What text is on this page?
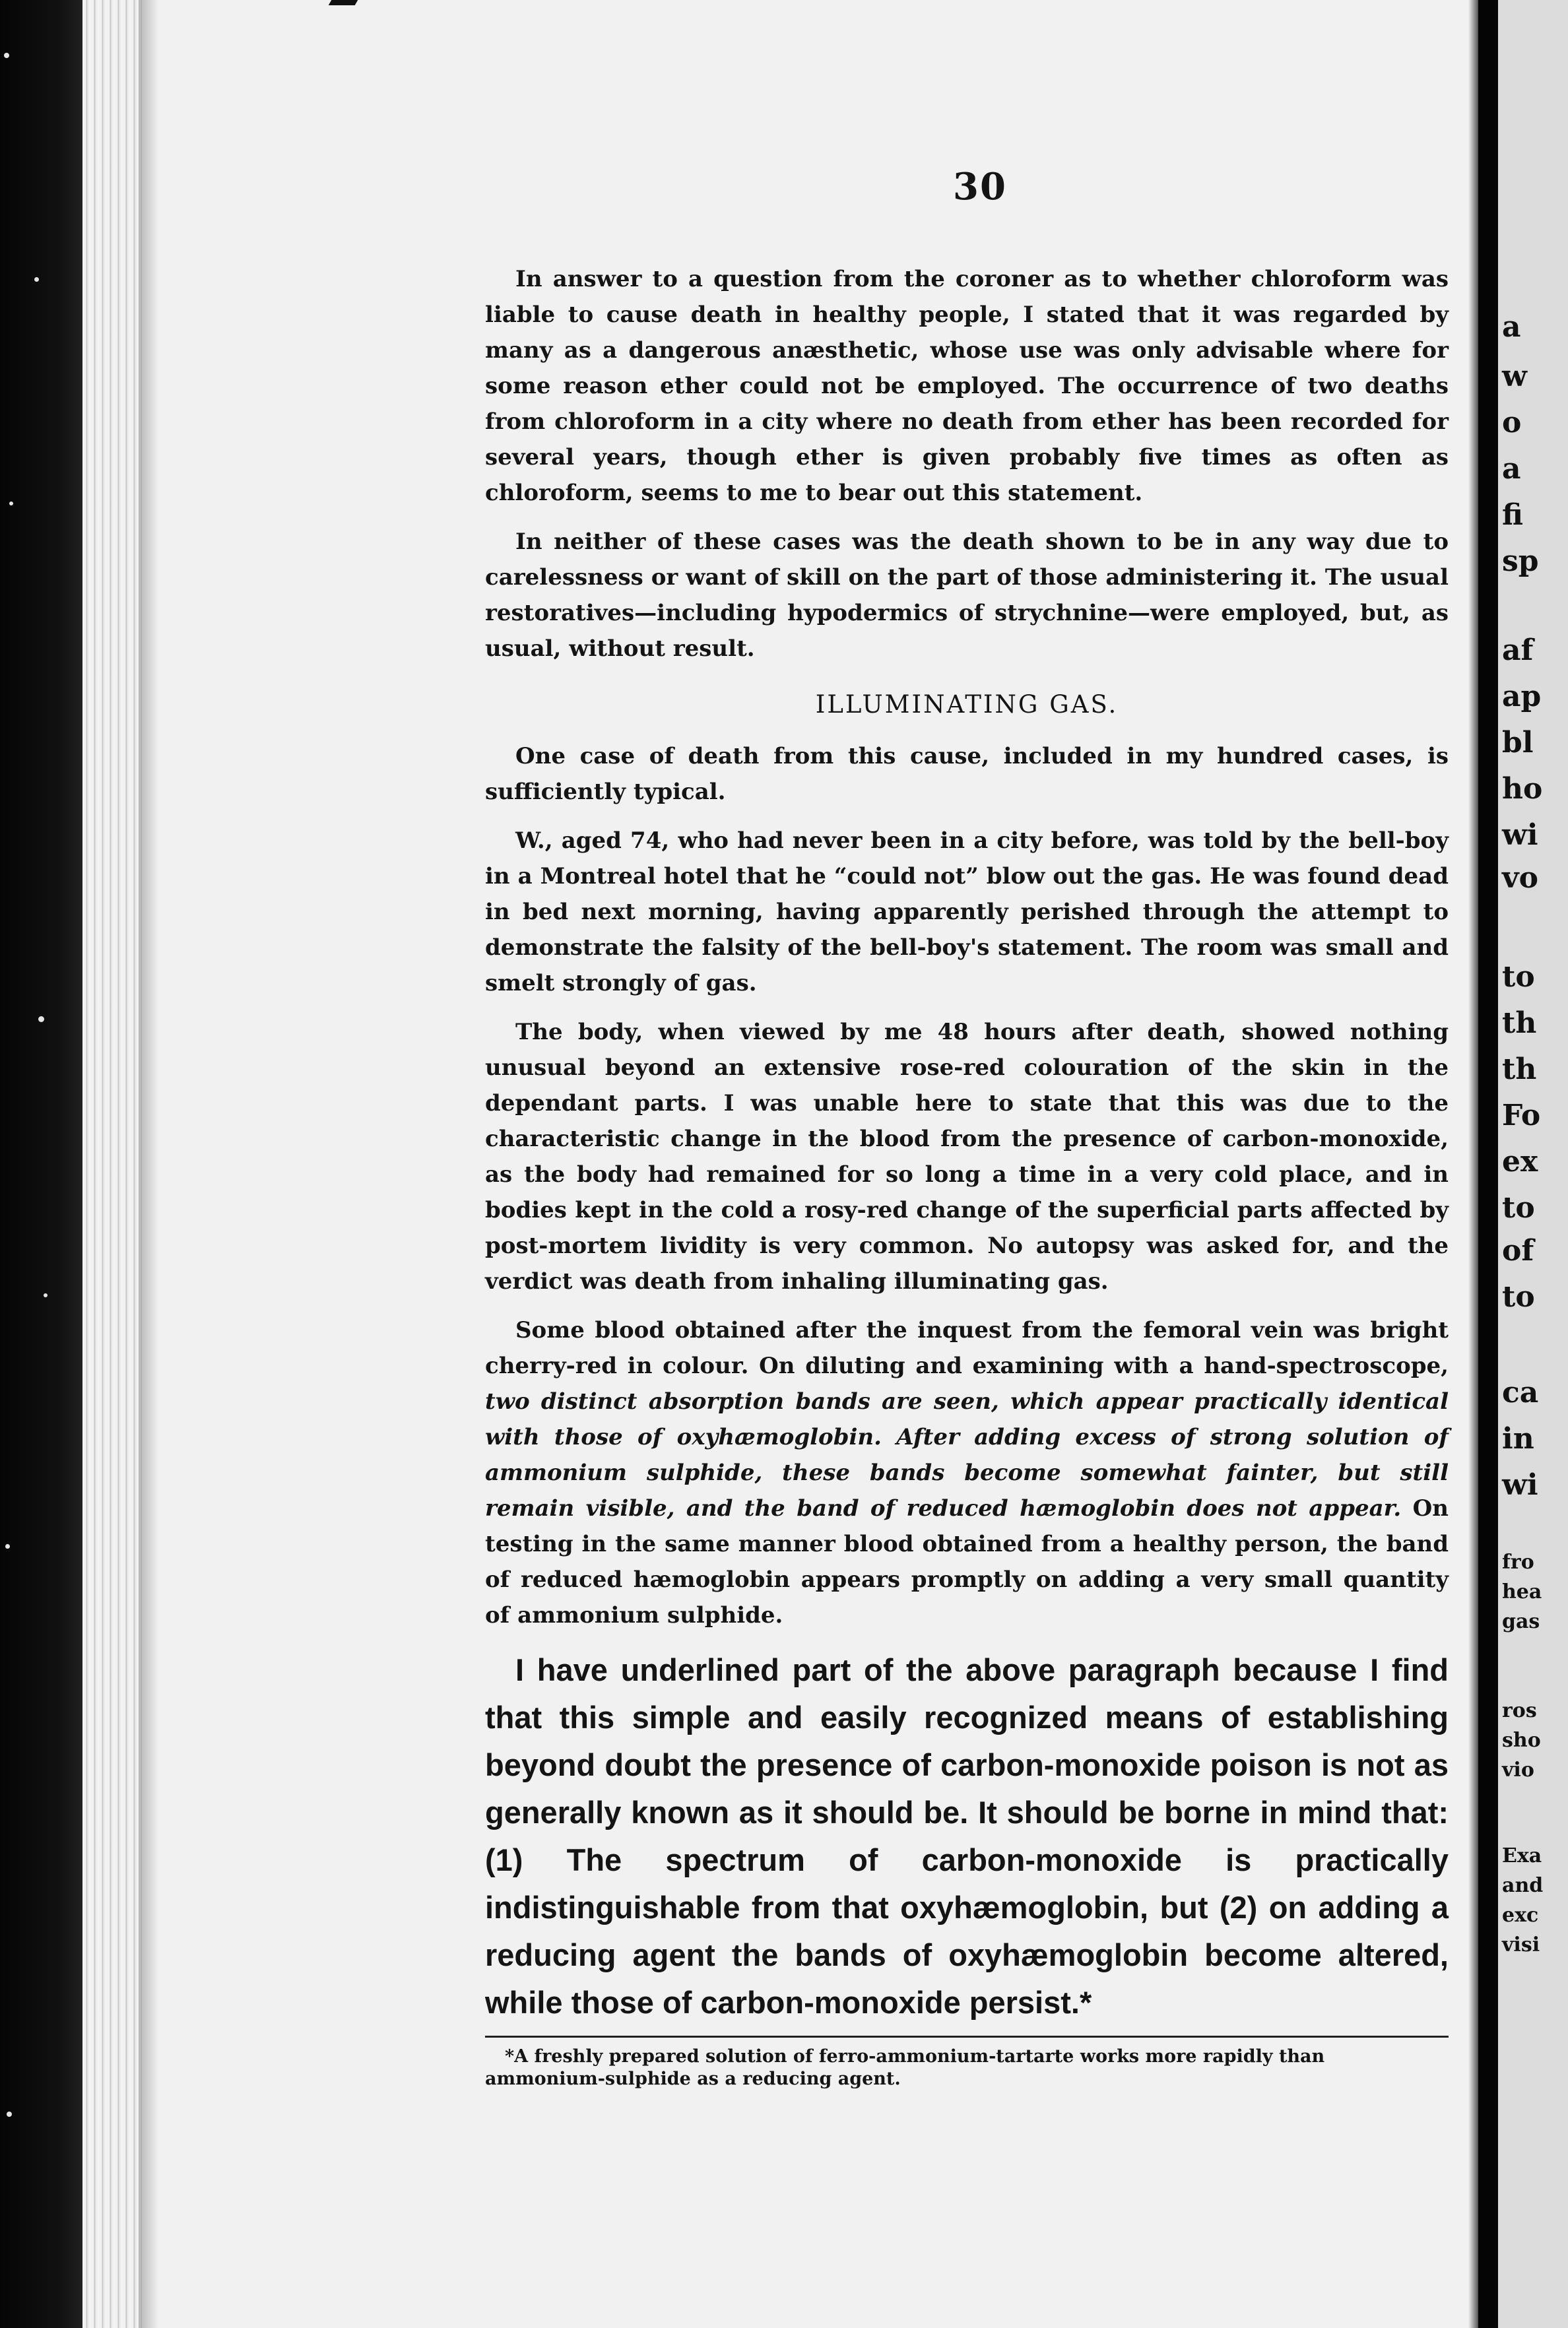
a
w
o
a
fi
sp
af
ap
bl
ho
wi
vo
to
th
th
Fo
ex
to
of
to
ca
in
wi
fro
hea
gas
ros
sho
vio
Exa
and
exc
visi
30

In answer to a question from the coroner as to whether chloroform was liable to cause death in healthy people, I stated that it was regarded by many as a dangerous anæsthetic, whose use was only advisable where for some reason ether could not be employed. The occurrence of two deaths from chloroform in a city where no death from ether has been recorded for several years, though ether is given probably five times as often as chloroform, seems to me to bear out this statement.

In neither of these cases was the death shown to be in any way due to carelessness or want of skill on the part of those administering it. The usual restoratives—including hypodermics of strychnine—were employed, but, as usual, without result.

ILLUMINATING GAS.

One case of death from this cause, included in my hundred cases, is sufficiently typical.

W., aged 74, who had never been in a city before, was told by the bell-boy in a Montreal hotel that he “could not” blow out the gas. He was found dead in bed next morning, having apparently perished through the attempt to demonstrate the falsity of the bell-boy's statement. The room was small and smelt strongly of gas.

The body, when viewed by me 48 hours after death, showed nothing unusual beyond an extensive rose-red colouration of the skin in the dependant parts. I was unable here to state that this was due to the characteristic change in the blood from the presence of carbon-monoxide, as the body had remained for so long a time in a very cold place, and in bodies kept in the cold a rosy-red change of the superficial parts affected by post-mortem lividity is very common. No autopsy was asked for, and the verdict was death from inhaling illuminating gas.

Some blood obtained after the inquest from the femoral vein was bright cherry-red in colour. On diluting and examining with a hand-spectroscope, two distinct absorption bands are seen, which appear practically identical with those of oxyhæmoglobin. After adding excess of strong solution of ammonium sulphide, these bands become somewhat fainter, but still remain visible, and the band of reduced hæmoglobin does not appear. On testing in the same manner blood obtained from a healthy person, the band of reduced hæmoglobin appears promptly on adding a very small quantity of ammonium sulphide.

I have underlined part of the above paragraph because I find that this simple and easily recognized means of establishing beyond doubt the presence of carbon-monoxide poison is not as generally known as it should be. It should be borne in mind that: (1) The spectrum of carbon-monoxide is practically indistinguishable from that oxyhæmoglobin, but (2) on adding a reducing agent the bands of oxyhæmoglobin become altered, while those of carbon-monoxide persist.*

*A freshly prepared solution of ferro-ammonium-tartarte works more rapidly than ammonium-sulphide as a reducing agent.
